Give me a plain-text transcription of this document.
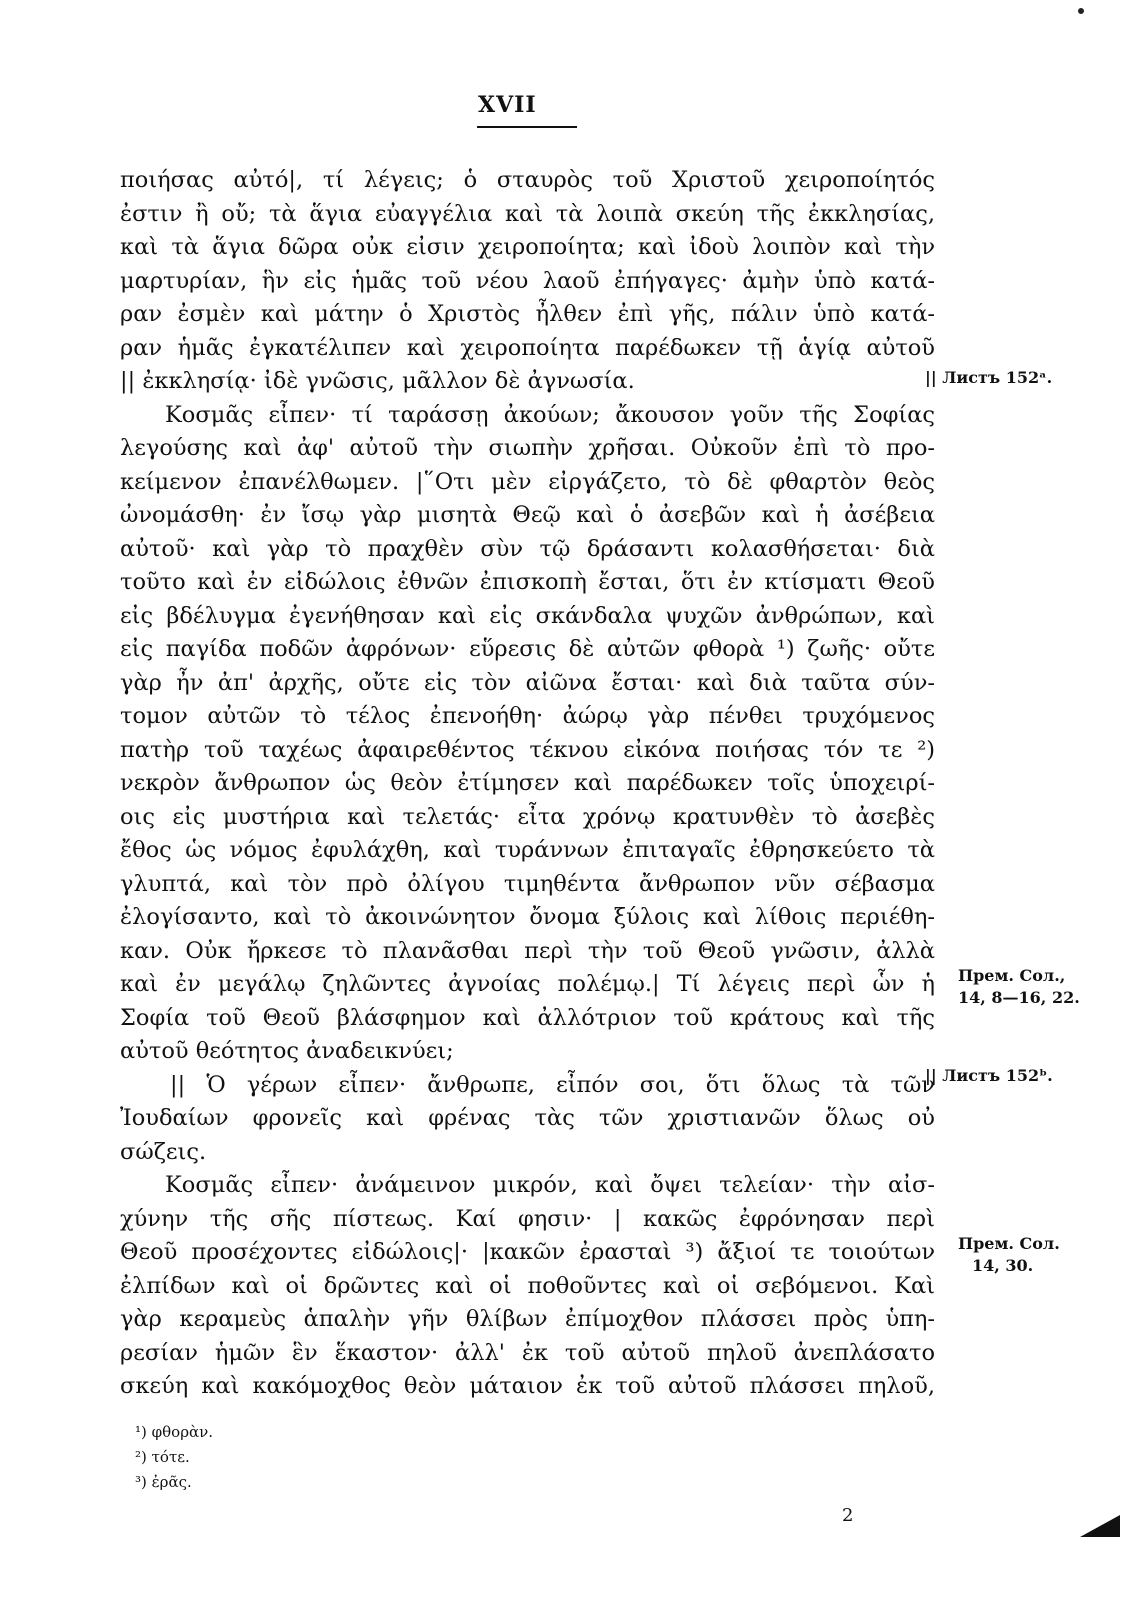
XVII
ποιήσας αὐτό|, τί λέγεις; ὁ σταυρὸς τοῦ Χριστοῦ χειροποίητός
ἐστιν ἢ οὔ; τὰ ἅγια εὐαγγέλια καὶ τὰ λοιπὰ σκεύη τῆς ἐκκλησίας,
καὶ τὰ ἅγια δῶρα οὐκ εἰσιν χειροποίητα; καὶ ἰδοὺ λοιπὸν καὶ τὴν
μαρτυρίαν, ἣν εἰς ἡμᾶς τοῦ νέου λαοῦ ἐπήγαγες· ἀμὴν ὑπὸ κατά-
ραν ἐσμὲν καὶ μάτην ὁ Χριστὸς ἦλθεν ἐπὶ γῆς, πάλιν ὑπὸ κατά-
ραν ἡμᾶς ἐγκατέλιπεν καὶ χειροποίητα παρέδωκεν τῇ ἁγίᾳ αὐτοῦ
|| ἐκκλησίᾳ· ἰδὲ γνῶσις, μᾶλλον δὲ ἀγνωσία.
Κοσμᾶς εἶπεν· τί ταράσσῃ ἀκούων; ἄκουσον γοῦν τῆς Σοφίας
λεγούσης καὶ ἀφ' αὐτοῦ τὴν σιωπὴν χρῆσαι. Οὐκοῦν ἐπὶ τὸ προ-
κείμενον ἐπανέλθωμεν. |῞Οτι μὲν εἰργάζετο, τὸ δὲ φθαρτὸν θεὸς
ὠνομάσθη· ἐν ἴσῳ γὰρ μισητὰ Θεῷ καὶ ὁ ἀσεβῶν καὶ ἡ ἀσέβεια
αὐτοῦ· καὶ γὰρ τὸ πραχθὲν σὺν τῷ δράσαντι κολασθήσεται· διὰ
τοῦτο καὶ ἐν εἰδώλοις ἐθνῶν ἐπισκοπὴ ἔσται, ὅτι ἐν κτίσματι Θεοῦ
εἰς βδέλυγμα ἐγενήθησαν καὶ εἰς σκάνδαλα ψυχῶν ἀνθρώπων, καὶ
εἰς παγίδα ποδῶν ἀφρόνων· εὕρεσις δὲ αὐτῶν φθορὰ ¹) ζωῆς· οὔτε
γὰρ ἦν ἀπ' ἀρχῆς, οὔτε εἰς τὸν αἰῶνα ἔσται· καὶ διὰ ταῦτα σύν-
τομον αὐτῶν τὸ τέλος ἐπενοήθη· ἀώρῳ γὰρ πένθει τρυχόμενος
πατὴρ τοῦ ταχέως ἀφαιρεθέντος τέκνου εἰκόνα ποιήσας τόν τε ²)
νεκρὸν ἄνθρωπον ὡς θεὸν ἐτίμησεν καὶ παρέδωκεν τοῖς ὑποχειρί-
οις εἰς μυστήρια καὶ τελετάς· εἶτα χρόνῳ κρατυνθὲν τὸ ἀσεβὲς
ἔθος ὡς νόμος ἐφυλάχθη, καὶ τυράννων ἐπιταγαῖς ἐθρησκεύετο τὰ
γλυπτά, καὶ τὸν πρὸ ὀλίγου τιμηθέντα ἄνθρωπον νῦν σέβασμα
ἐλογίσαντο, καὶ τὸ ἀκοινώνητον ὄνομα ξύλοις καὶ λίθοις περιέθη-
καν. Οὐκ ἤρκεσε τὸ πλανᾶσθαι περὶ τὴν τοῦ Θεοῦ γνῶσιν, ἀλλὰ
καὶ ἐν μεγάλῳ ζηλῶντες ἀγνοίας πολέμῳ.| Τί λέγεις περὶ ὧν ἡ
Σοφία τοῦ Θεοῦ βλάσφημον καὶ ἀλλότριον τοῦ κράτους καὶ τῆς
αὐτοῦ θεότητος ἀναδεικνύει;
|| Ὁ γέρων εἶπεν· ἄνθρωπε, εἶπόν σοι, ὅτι ὅλως τὰ τῶν
Ἰουδαίων φρονεῖς καὶ φρένας τὰς τῶν χριστιανῶν ὅλως οὐ
σώζεις.
Κοσμᾶς εἶπεν· ἀνάμεινον μικρόν, καὶ ὄψει τελείαν· τὴν αἰσ-
χύνην τῆς σῆς πίστεως. Καί φησιν· | κακῶς ἐφρόνησαν περὶ
Θεοῦ προσέχοντες εἰδώλοις|· |κακῶν ἐρασταὶ ³) ἄξιοί τε τοιούτων
ἐλπίδων καὶ οἱ δρῶντες καὶ οἱ ποθοῦντες καὶ οἱ σεβόμενοι. Καὶ
γὰρ κεραμεὺς ἁπαλὴν γῆν θλίβων ἐπίμοχθον πλάσσει πρὸς ὑπη-
ρεσίαν ἡμῶν ἓν ἕκαστον· ἀλλ' ἐκ τοῦ αὐτοῦ πηλοῦ ἀνεπλάσατο
σκεύη καὶ κακόμοχθος θεὸν μάταιον ἐκ τοῦ αὐτοῦ πλάσσει πηλοῦ,
|| Листъ 152ᵃ.
Прем. Сол.,
14, 8—16, 22.
|| Листъ 152ᵇ.
Прем. Сол.
14, 30.
¹) φθορὰν.
²) τότε.
³) ἐρᾶς.
2
